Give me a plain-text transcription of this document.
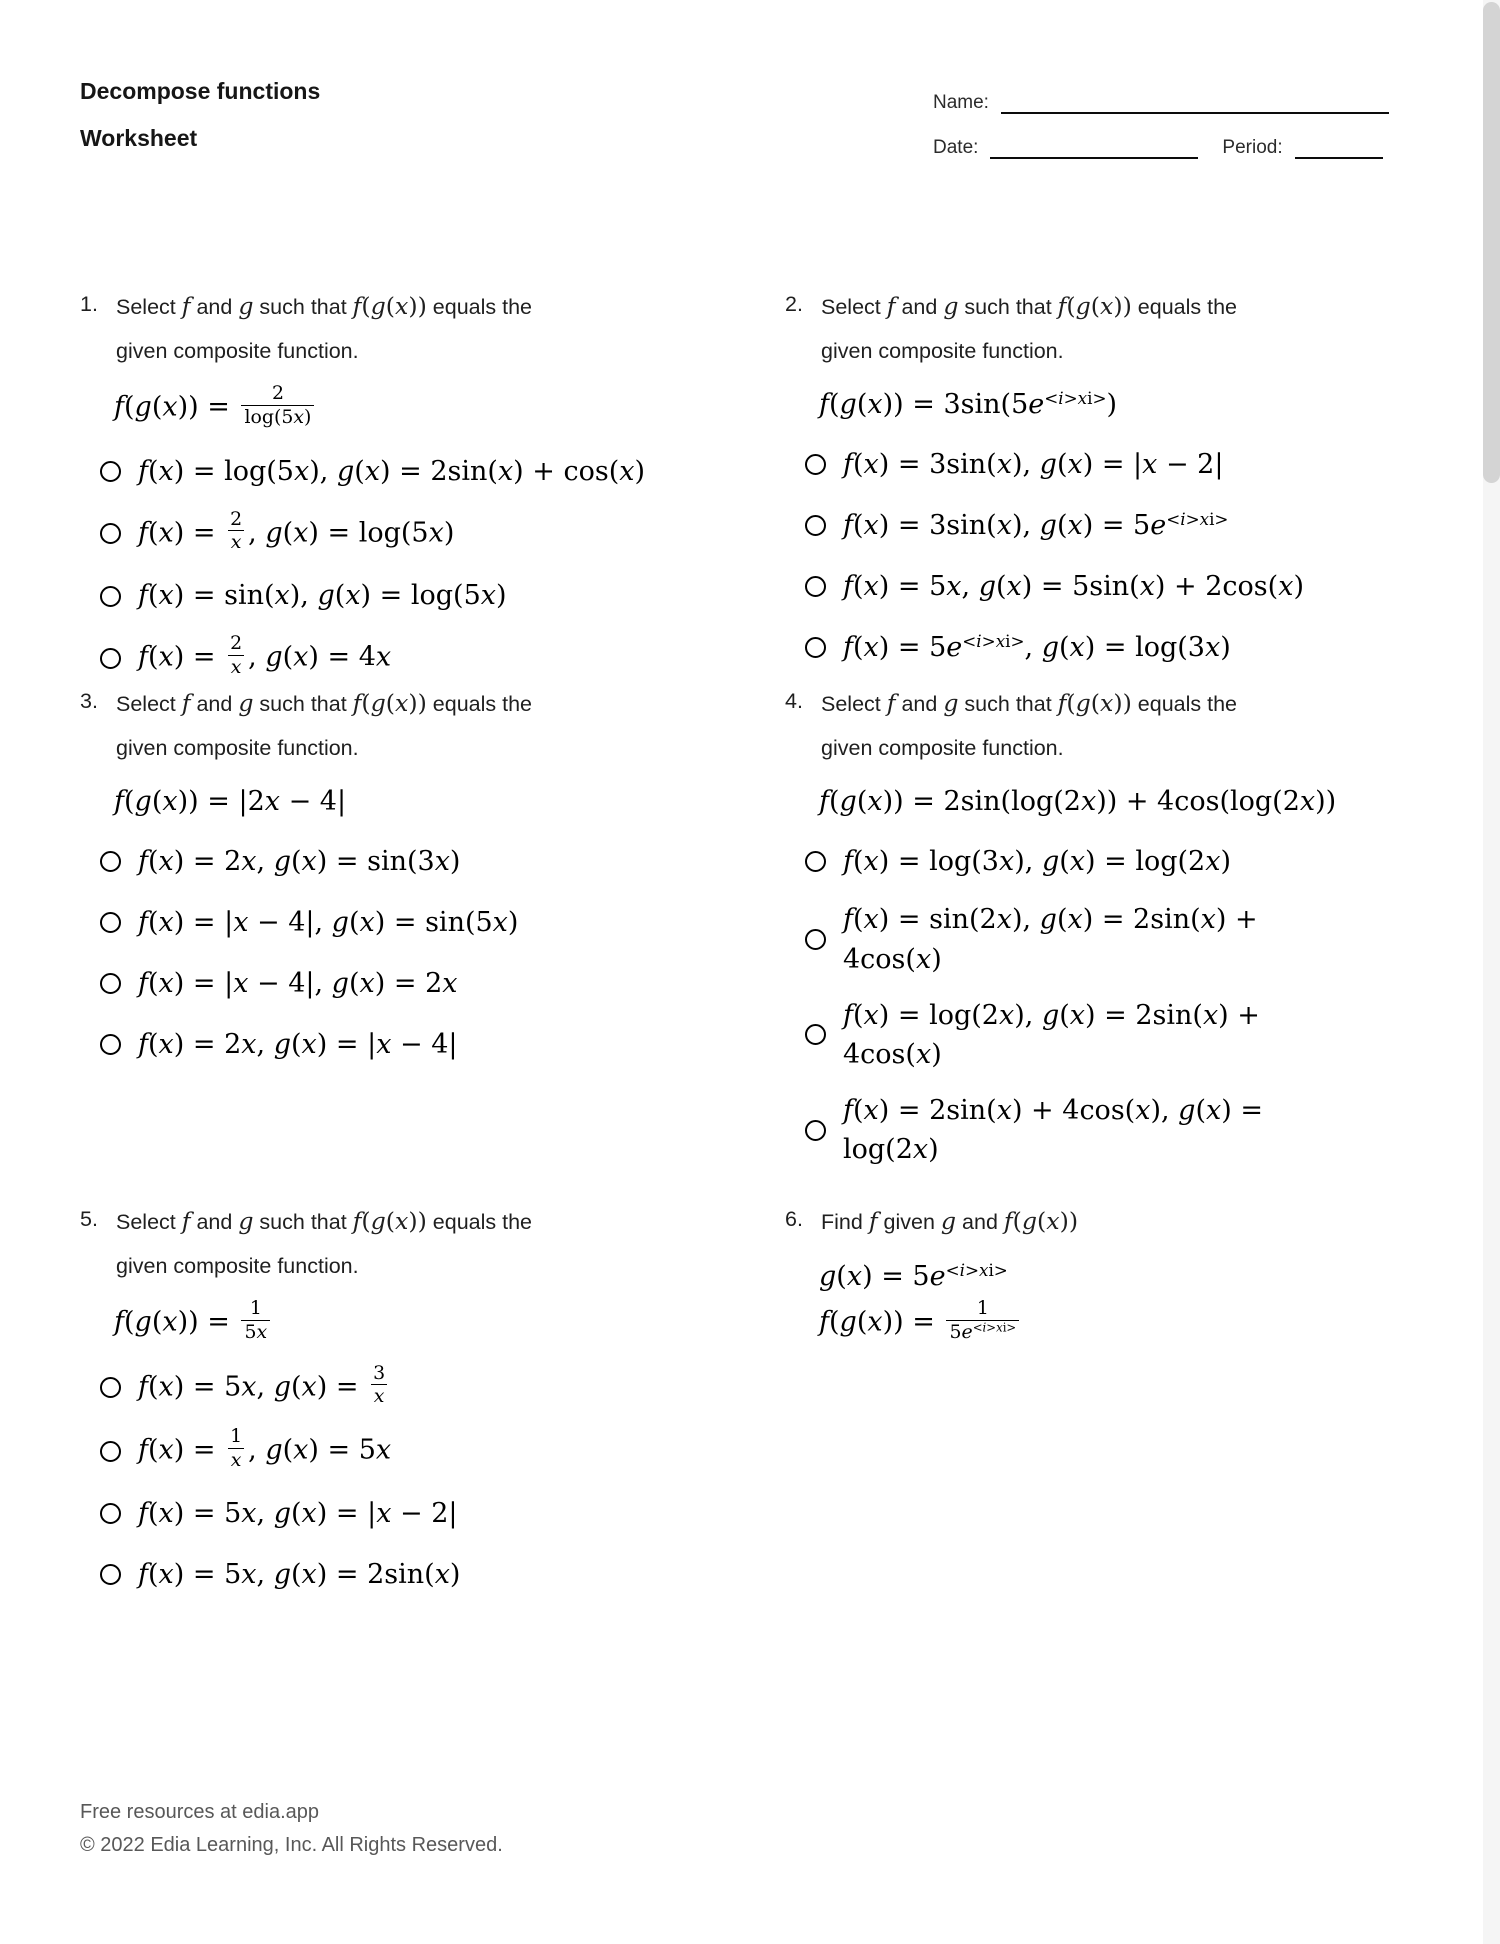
Decompose functions
Worksheet
Name:
Date:	Period:
1. Select f and g such that f(g(x)) equals the
given composite function.
$f(g(x)) = \frac{2}{\log(5x)}$
f(x) = log(5x), g(x) = 2sin(x) + cos(x)
$f(x) = \frac{2}{x}$ , g(x) = log(5x)
f(x) = sin(x), g(x) = log(5x)
$f(x) = \frac{2}{x}$ , g(x) = 4x
2. Select f and g such that f(g(x)) equals the
given composite function.
$f(g(x)) = 3\sin(5e^{<i>xi>})$
f(x) = 3sin(x), g(x) = |x − 2|
f(x) = 3sin(x), $g(x) = 5e^{<i>xi>}$
f(x) = 5x, g(x) = 5sin(x) + 2cos(x)
$f(x) = 5e^{<i>xi>}$, g(x) = log(3x)
3. Select f and g such that f(g(x)) equals the
given composite function.
f(g(x)) = |2x − 4|
f(x) = 2x, g(x) = sin(3x)
f(x) = |x − 4|, g(x) = sin(5x)
f(x) = |x − 4|, g(x) = 2x
f(x) = 2x, g(x) = |x − 4|
4. Select f and g such that f(g(x)) equals the
given composite function.
f(g(x)) = 2sin(log(2x)) + 4cos(log(2x))
f(x) = log(3x), g(x) = log(2x)
f(x) = sin(2x), g(x) = 2sin(x) +
4cos(x)
f(x) = log(2x), g(x) = 2sin(x) +
4cos(x)
f(x) = 2sin(x) + 4cos(x), g(x) =
log(2x)
5. Select f and g such that f(g(x)) equals the
given composite function.
$f(g(x)) = \frac{1}{5x}$
f(x) = 5x, $g(x) = \frac{3}{x}$
$f(x) = \frac{1}{x}$ , g(x) = 5x
f(x) = 5x, g(x) = |x − 2|
f(x) = 5x, g(x) = 2sin(x)
6. Find f given g and f(g(x))
$g(x) = 5e^{<i>xi>}$
$f(g(x)) = \frac{1}{5e^{<i>xi>}}$
Free resources at edia.app
© 2022 Edia Learning, Inc. All Rights Reserved.
